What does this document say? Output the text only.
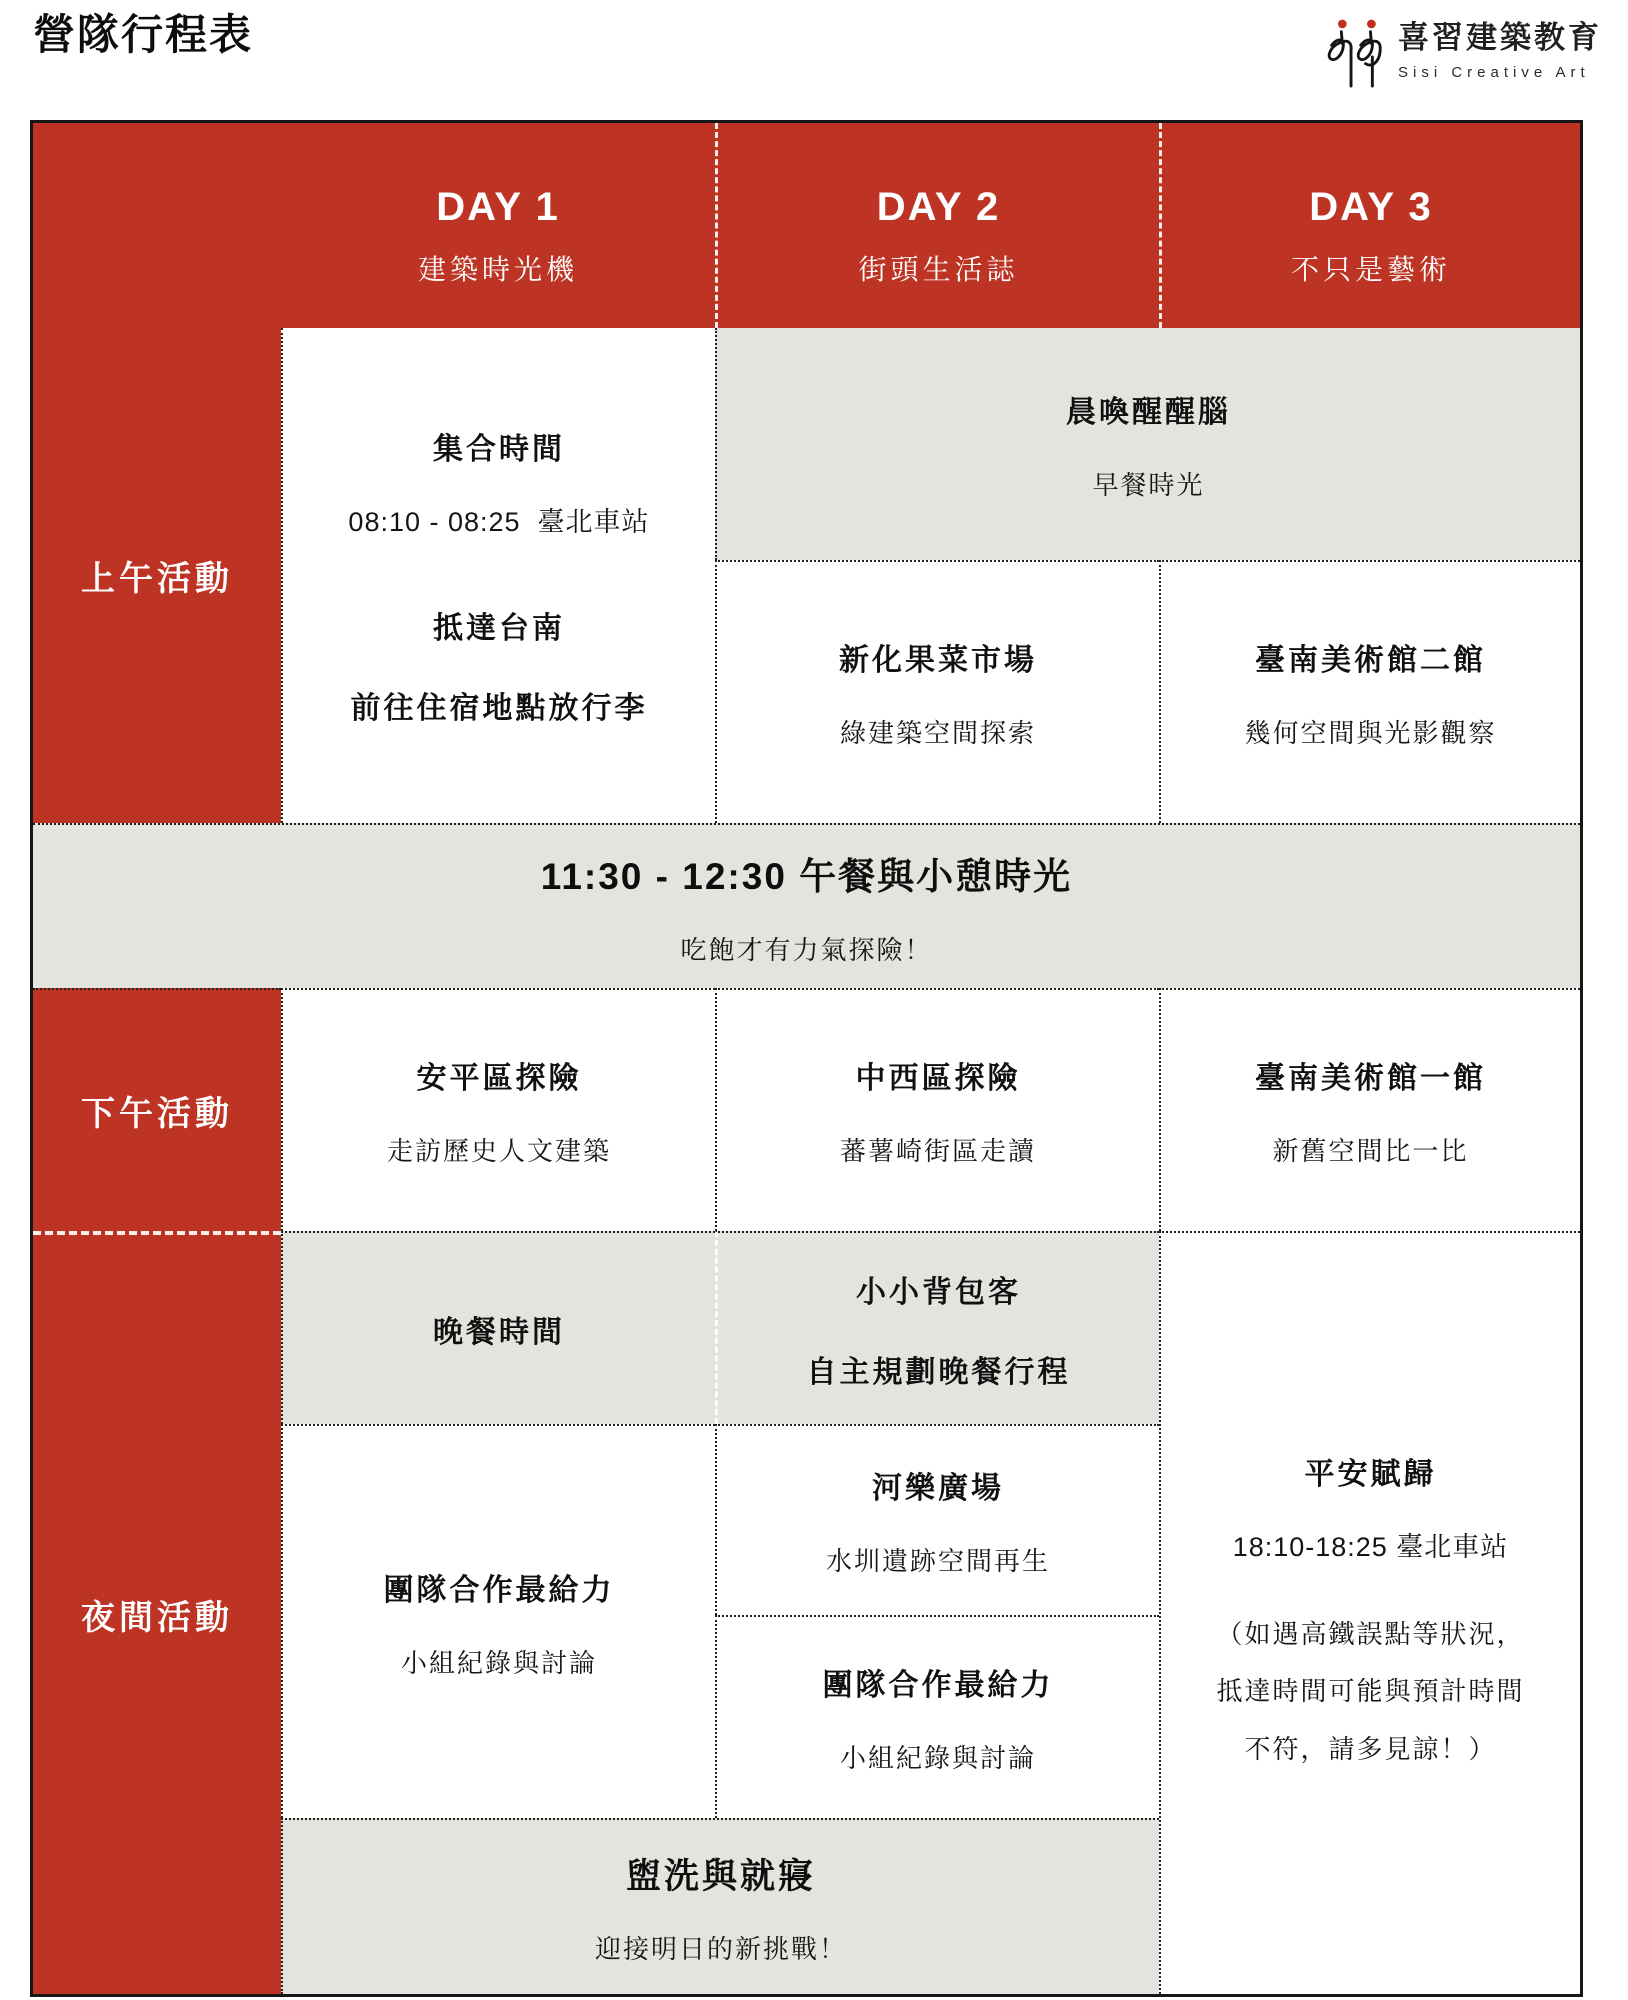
營隊行程表	喜習建築教育
Sisi Creative Art
DAY 1
建築時光機
DAY 2
街頭生活誌
DAY 3
不只是藝術
上午活動
集合時間
08:10 - 08:25  臺北車站
抵達台南
前往住宿地點放行李
晨喚醒醒腦
早餐時光
新化果菜市場
綠建築空間探索
臺南美術館二館
幾何空間與光影觀察
11:30 - 12:30 午餐與小憩時光
吃飽才有力氣探險！
下午活動
安平區探險
走訪歷史人文建築
中西區探險
蕃薯崎街區走讀
臺南美術館一館
新舊空間比一比
夜間活動
晚餐時間
小小背包客
自主規劃晚餐行程
平安賦歸
18:10-18:25 臺北車站
（如遇高鐵誤點等狀況，
抵達時間可能與預計時間
不符，請多見諒！）
團隊合作最給力
小組紀錄與討論
河樂廣場
水圳遺跡空間再生
團隊合作最給力
小組紀錄與討論
盥洗與就寢
迎接明日的新挑戰！
